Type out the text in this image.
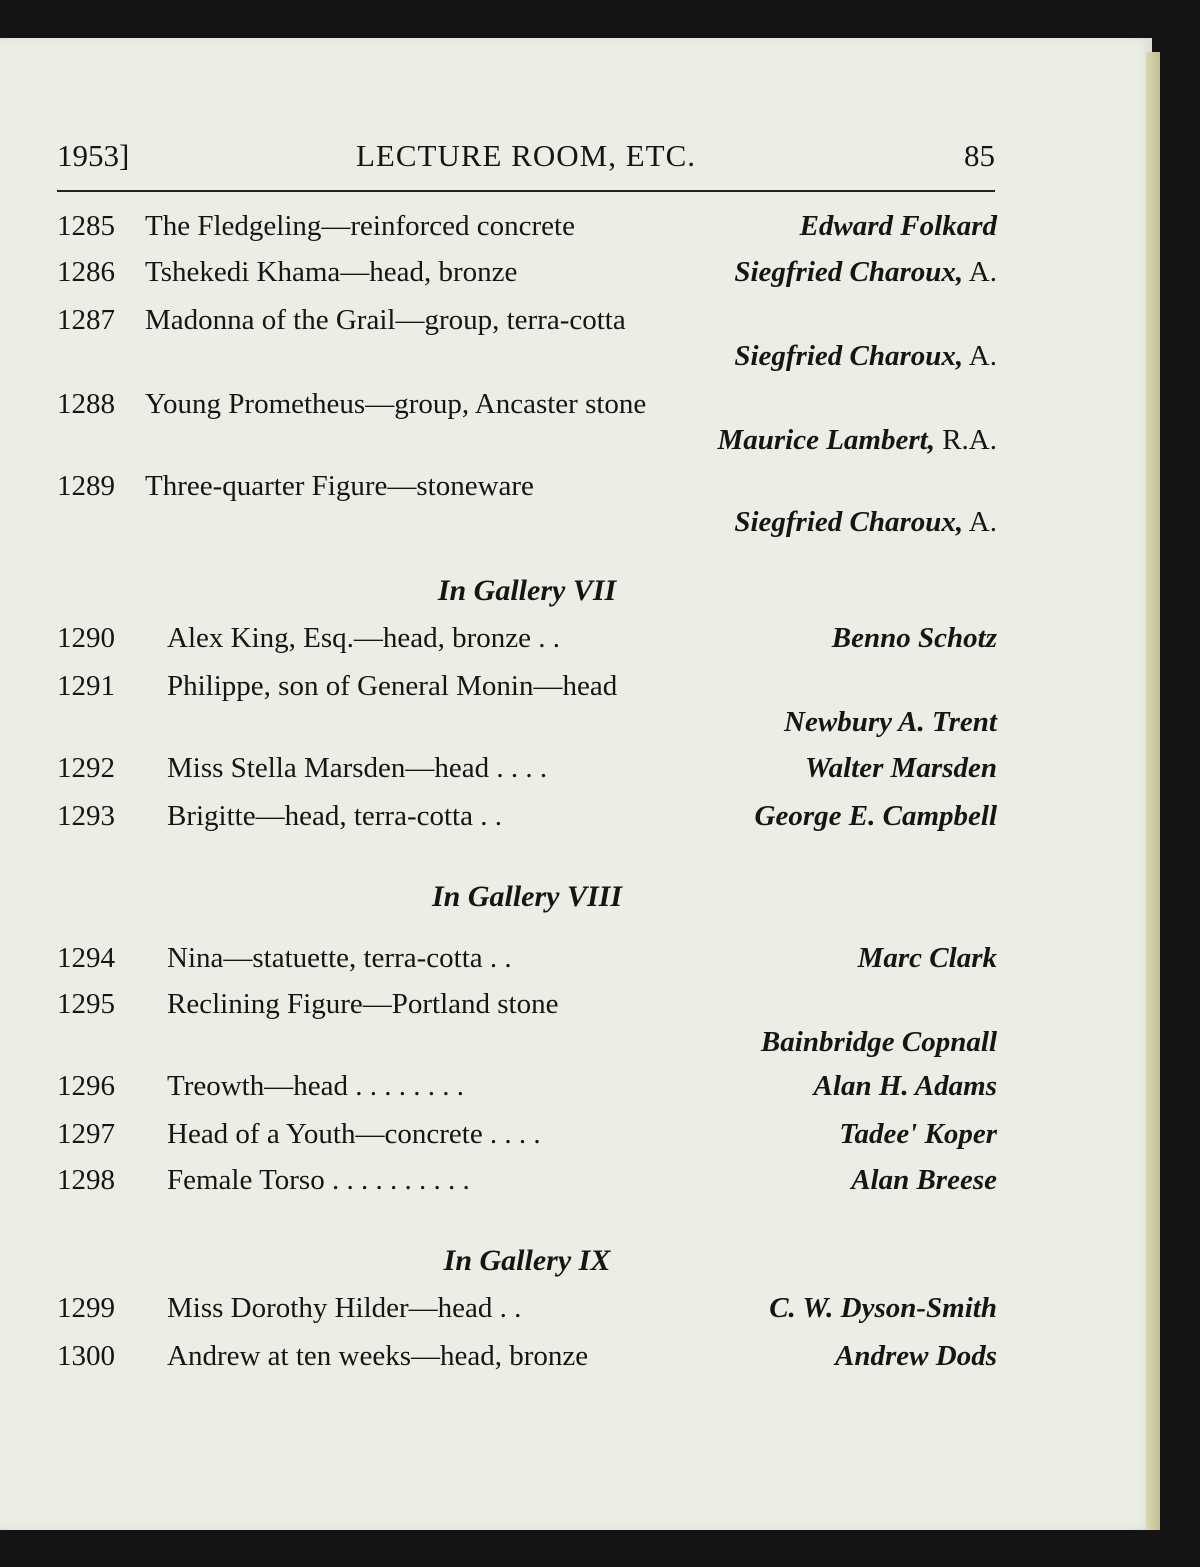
1953]	LECTURE ROOM, ETC.	85
1285 The Fledgeling—reinforced concrete	Edward Folkard
1286 Tshekedi Khama—head, bronze	Siegfried Charoux, A.
1287 Madonna of the Grail—group, terra-cotta
Siegfried Charoux, A.
1288 Young Prometheus—group, Ancaster stone
Maurice Lambert, R.A.
1289 Three-quarter Figure—stoneware
Siegfried Charoux, A.
In Gallery VII
1290 Alex King, Esq.—head, bronze . .	Benno Schotz
1291 Philippe, son of General Monin—head
Newbury A. Trent
1292 Miss Stella Marsden—head . . . .	Walter Marsden
1293 Brigitte—head, terra-cotta . .	George E. Campbell
In Gallery VIII
1294 Nina—statuette, terra-cotta . .	Marc Clark
1295 Reclining Figure—Portland stone
Bainbridge Copnall
1296 Treowth—head . . . . . . . .	Alan H. Adams
1297 Head of a Youth—concrete . . . .	Tadee' Koper
1298 Female Torso . . . . . . . . . .	Alan Breese
In Gallery IX
1299 Miss Dorothy Hilder—head . .	C. W. Dyson-Smith
1300 Andrew at ten weeks—head, bronze	Andrew Dods
